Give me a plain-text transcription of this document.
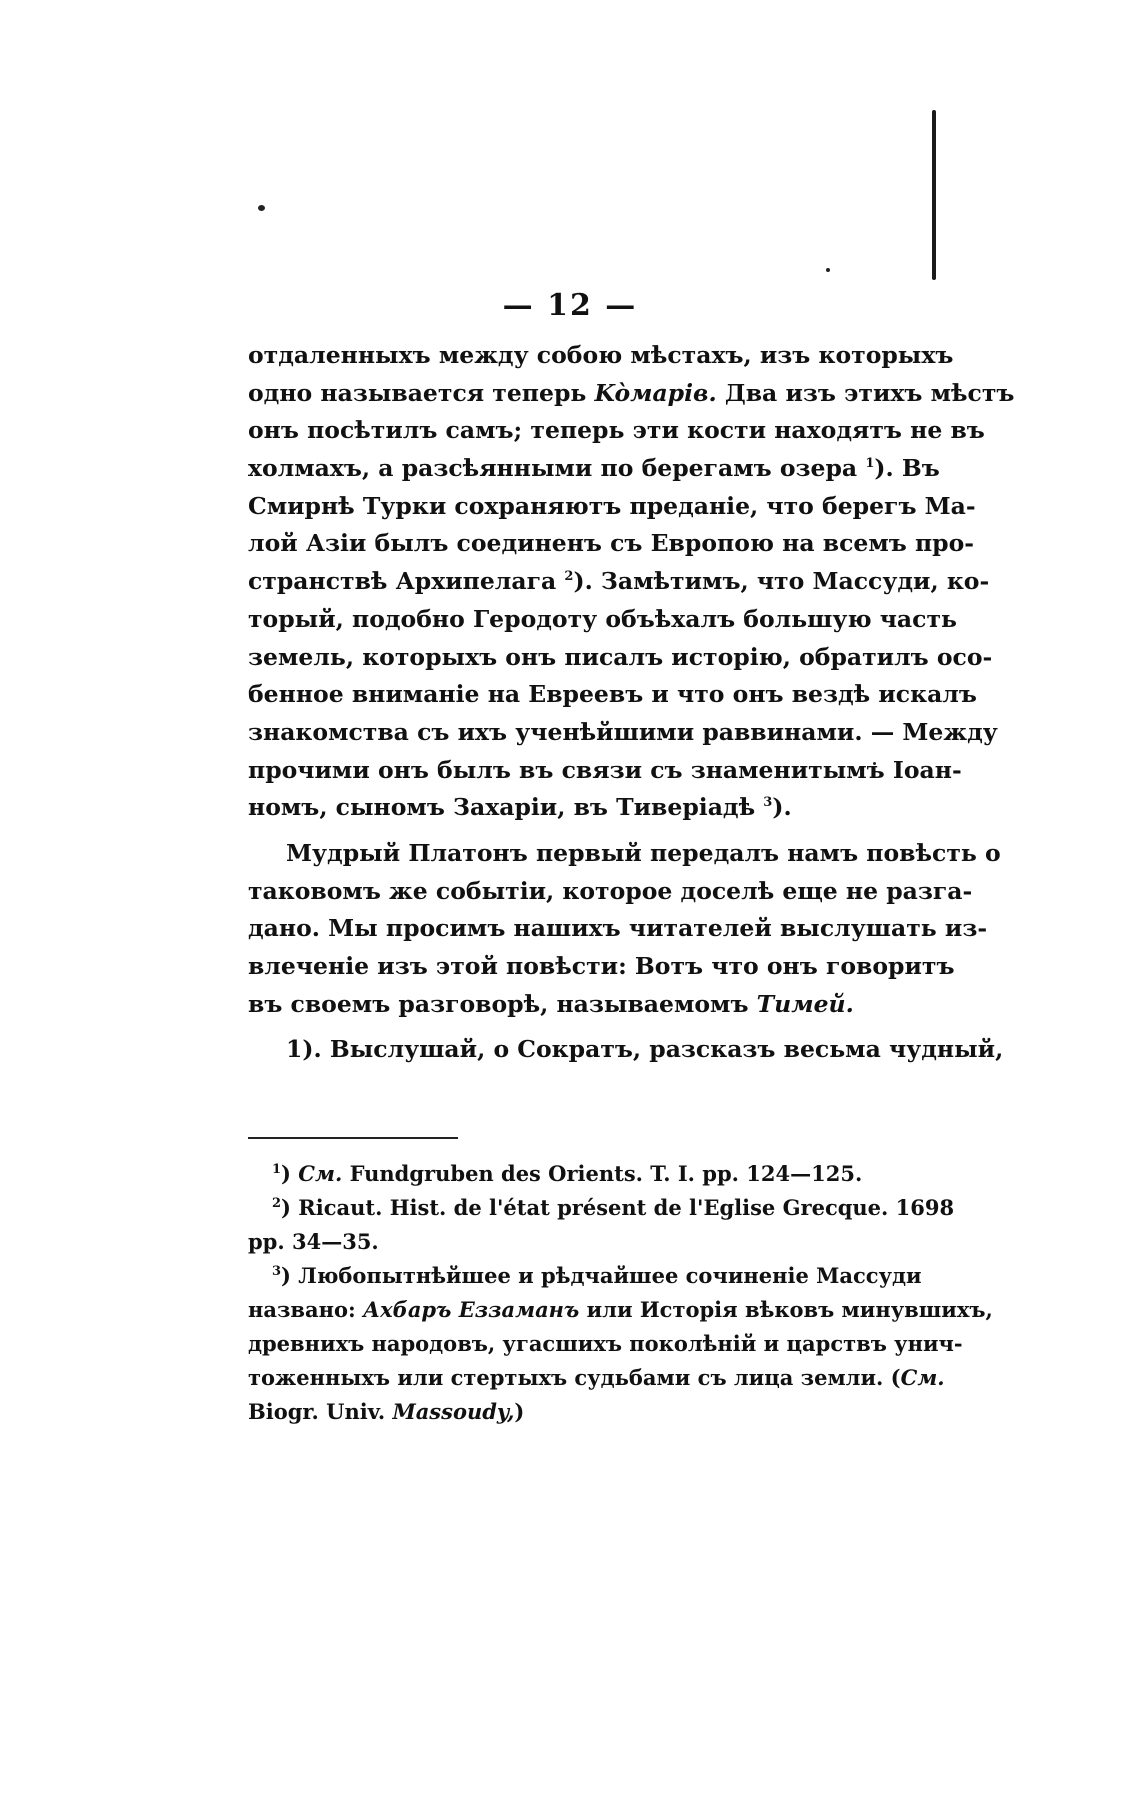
— 12 —
отдаленныхъ между собою мѣстахъ, изъ которыхъ
одно называется теперь Kòмapiв. Два изъ этихъ мѣстъ
онъ посѣтилъ самъ; теперь эти кости находятъ не въ
холмахъ, а разсѣянными по берегамъ озера $^1$). Въ
Смирнѣ Турки сохраняютъ преданіе, что берегъ Ма-
лой Азіи былъ соединенъ съ Европою на всемъ про-
странствѣ Архипелага $^2$). Замѣтимъ, что Массуди, ко-
торый, подобно Геродоту объѣхалъ большую часть
земель, которыхъ онъ писалъ исторію, обратилъ осо-
бенное вниманіе на Евреевъ и что онъ вездѣ искалъ
знакомства съ ихъ ученѣйшими раввинами. — Между
прочими онъ былъ въ связи съ знаменитымъ Іоан-
номъ, сыномъ Захаріи, въ Тиверіадѣ $^3$).
Мудрый Платонъ первый передалъ намъ повѣсть о
таковомъ же событіи, которое доселѣ еще не разга-
дано. Мы просимъ нашихъ читателей выслушать из-
влеченіе изъ этой повѣсти: Вотъ что онъ говоритъ
въ своемъ разговорѣ, называемомъ Тимей.
1). Выслушай, о Сократъ, разсказъ весьма чудный,
$^1$) См. Fundgruben des Orients. T. I. pp. 124—125.
$^2$) Ricaut. Hist. de l'état présent de l'Eglise Grecque. 1698
pp. 34—35.
$^3$) Любопытнѣйшее и рѣдчайшее сочиненіе Массуди
названо: Ахбаръ Еззаманъ или Исторія вѣковъ минувшихъ,
древнихъ народовъ, угасшихъ поколѣній и царствъ унич-
тоженныхъ или стертыхъ судьбами съ лица земли. (См.
Biogr. Univ. Massoudy,)
